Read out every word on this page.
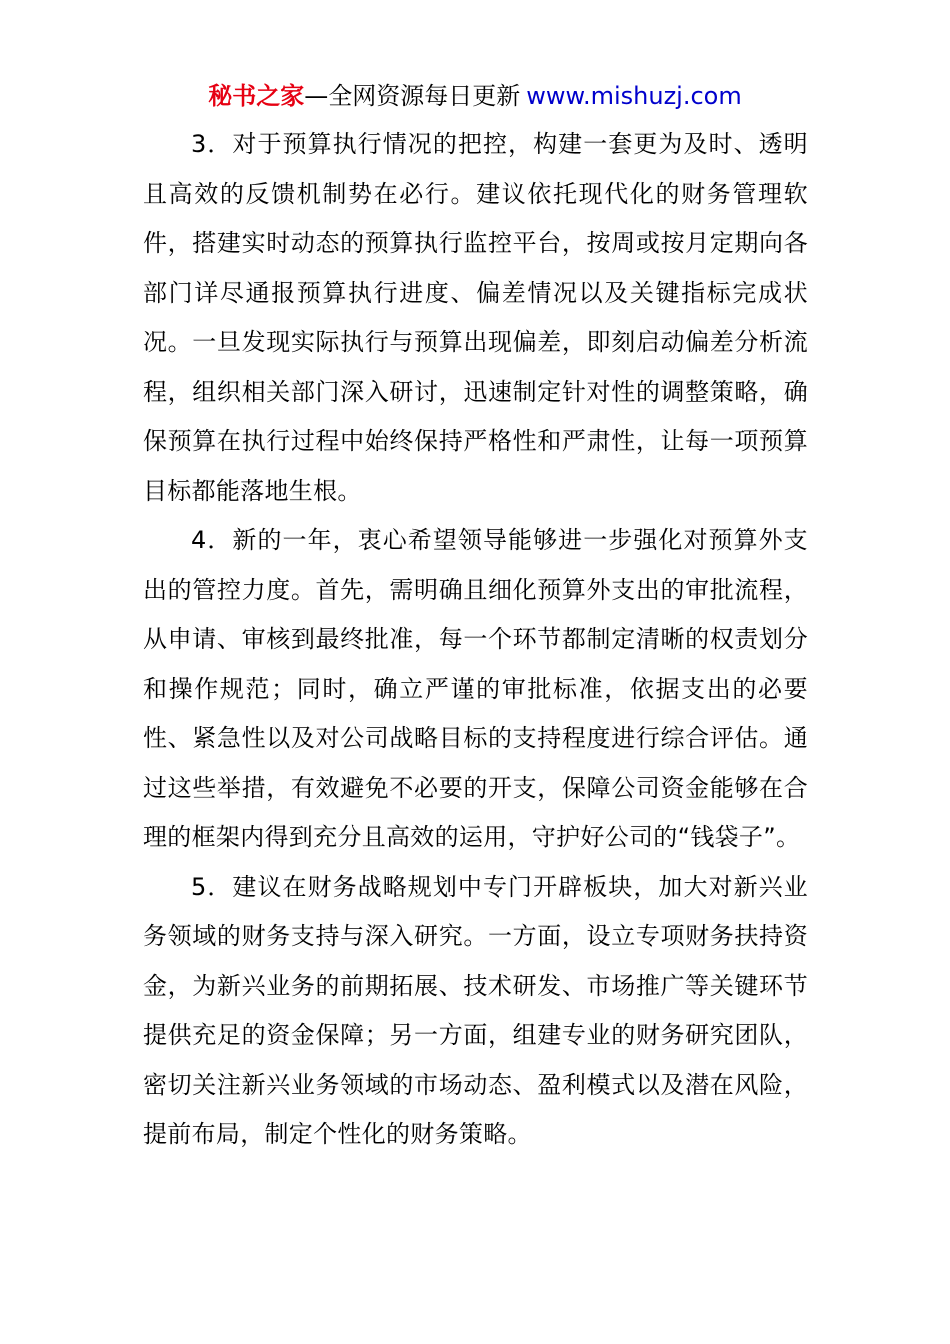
秘书之家—全网资源每日更新 www.mishuzj.com

3．对于预算执行情况的把控，构建一套更为及时、透明且高效的反馈机制势在必行。建议依托现代化的财务管理软件，搭建实时动态的预算执行监控平台，按周或按月定期向各部门详尽通报预算执行进度、偏差情况以及关键指标完成状况。一旦发现实际执行与预算出现偏差，即刻启动偏差分析流程，组织相关部门深入研讨，迅速制定针对性的调整策略，确保预算在执行过程中始终保持严格性和严肃性，让每一项预算目标都能落地生根。

4．新的一年，衷心希望领导能够进一步强化对预算外支出的管控力度。首先，需明确且细化预算外支出的审批流程，从申请、审核到最终批准，每一个环节都制定清晰的权责划分和操作规范；同时，确立严谨的审批标准，依据支出的必要性、紧急性以及对公司战略目标的支持程度进行综合评估。通过这些举措，有效避免不必要的开支，保障公司资金能够在合理的框架内得到充分且高效的运用，守护好公司的“钱袋子”。

5．建议在财务战略规划中专门开辟板块，加大对新兴业务领域的财务支持与深入研究。一方面，设立专项财务扶持资金，为新兴业务的前期拓展、技术研发、市场推广等关键环节提供充足的资金保障；另一方面，组建专业的财务研究团队，密切关注新兴业务领域的市场动态、盈利模式以及潜在风险，提前布局，制定个性化的财务策略。
